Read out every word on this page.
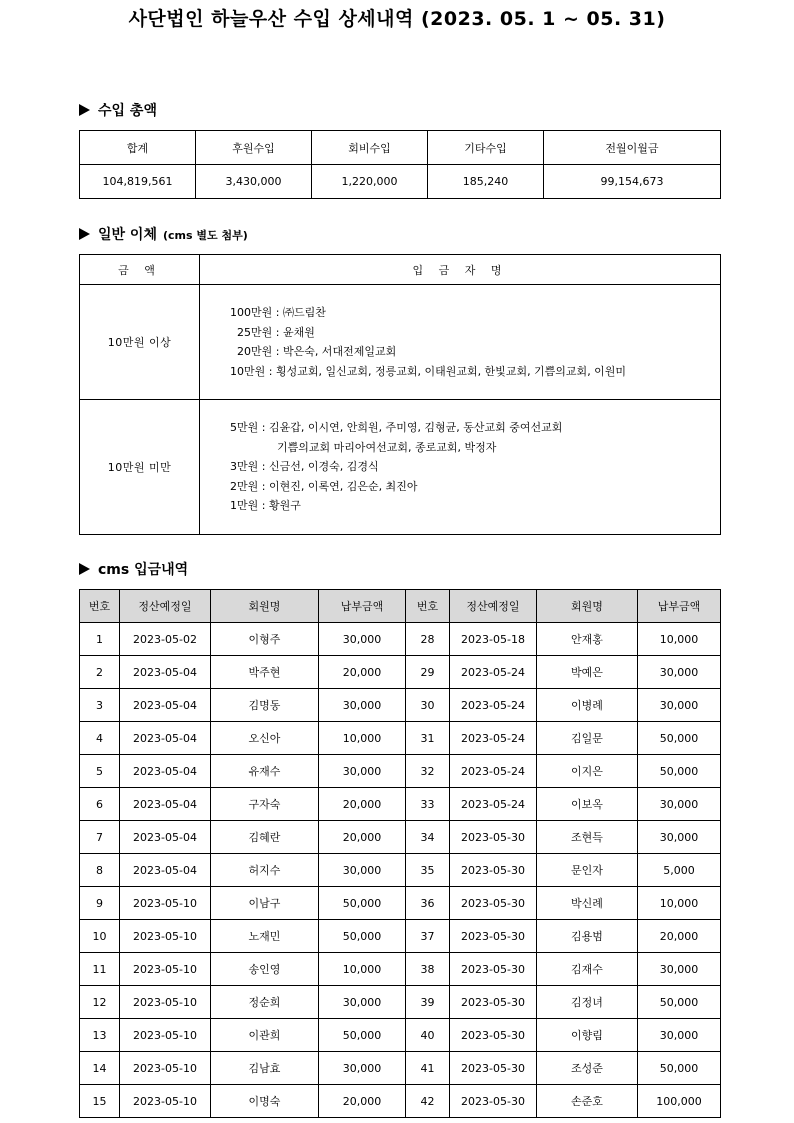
사단법인 하늘우산 수입 상세내역 (2023. 05. 1 ~ 05. 31)
수입 총액
합계	후원수입	회비수입	기타수입	전월이월금
104,819,561	3,430,000	1,220,000	185,240	99,154,673
일반 이체 (cms 별도 첨부)
금 액	입 금 자 명
10만원 이상	100만원 : ㈜드림찬
25만원 : 윤채원
20만원 : 박은숙, 서대전제일교회
10만원 : 횡성교회, 일신교회, 정릉교회, 이태원교회, 한빛교회, 기쁨의교회, 이원미

10만원 미만	5만원 : 김윤갑, 이시연, 안희원, 주미영, 김형균, 동산교회 중여선교회
기쁨의교회 마리아여선교회, 종로교회, 박정자
3만원 : 신금선, 이경숙, 김경식
2만원 : 이현진, 이록연, 김은순, 최진아
1만원 : 황원구
cms 입금내역
번호	정산예정일	회원명	납부금액	번호	정산예정일	회원명	납부금액
1	2023-05-02	이형주	30,000	28	2023-05-18	안재홍	10,000
2	2023-05-04	박주현	20,000	29	2023-05-24	박예은	30,000
3	2023-05-04	김명동	30,000	30	2023-05-24	이병례	30,000
4	2023-05-04	오신아	10,000	31	2023-05-24	김일문	50,000
5	2023-05-04	유재수	30,000	32	2023-05-24	이지은	50,000
6	2023-05-04	구자숙	20,000	33	2023-05-24	이보옥	30,000
7	2023-05-04	김혜란	20,000	34	2023-05-30	조현득	30,000
8	2023-05-04	허지수	30,000	35	2023-05-30	문인자	5,000
9	2023-05-10	이남구	50,000	36	2023-05-30	박신례	10,000
10	2023-05-10	노재민	50,000	37	2023-05-30	김용범	20,000
11	2023-05-10	송인영	10,000	38	2023-05-30	김재수	30,000
12	2023-05-10	정순희	30,000	39	2023-05-30	김정녀	50,000
13	2023-05-10	이관희	50,000	40	2023-05-30	이향림	30,000
14	2023-05-10	김남효	30,000	41	2023-05-30	조성준	50,000
15	2023-05-10	이명숙	20,000	42	2023-05-30	손준호	100,000
